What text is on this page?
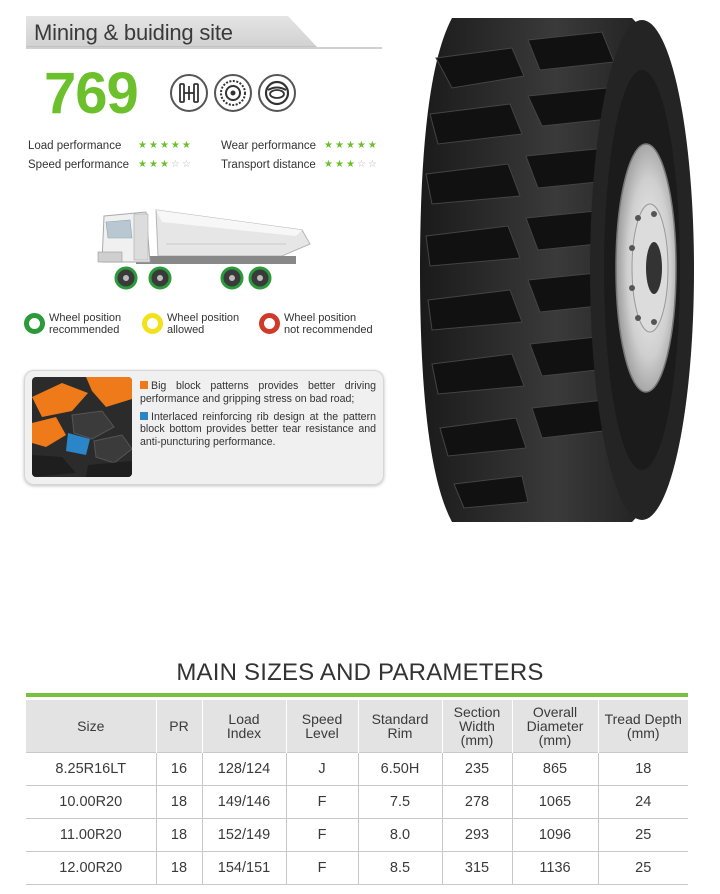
Mining & buiding site
769
Load performance	★★★★★
Speed performance ★★★☆☆
Wear performance ★★★★★
Transport distance ★★★☆☆
Wheel position
recommended
Wheel position
allowed
Wheel position
not recommended
Big block patterns provides better driving performance and gripping stress on bad road;
Interlaced reinforcing rib design at the pattern block bottom provides better tear resistance and anti-puncturing performance.
MAIN SIZES AND PARAMETERS
Size	PR	Load Index	Speed Level	Standard Rim	Section Width (mm)	Overall Diameter (mm)	Tread Depth (mm)
8.25R16LT	16	128/124	J	6.50H	235	865	18
10.00R20	18	149/146	F	7.5	278	1065	24
11.00R20	18	152/149	F	8.0	293	1096	25
12.00R20	18	154/151	F	8.5	315	1136	25
